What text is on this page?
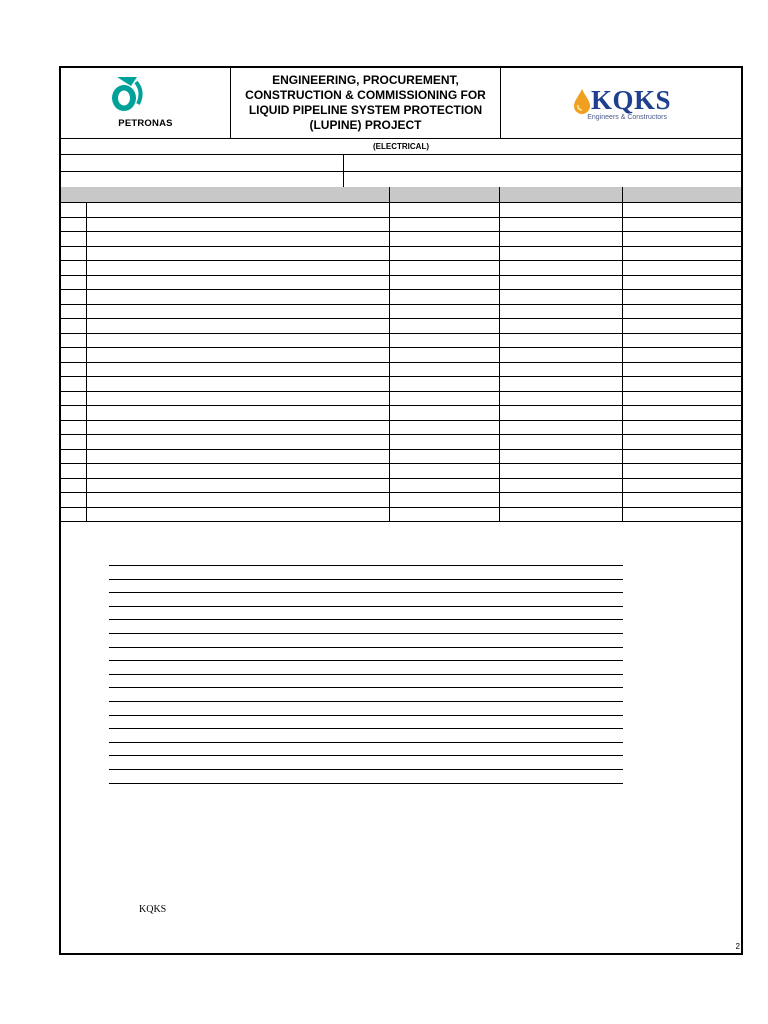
PETRONAS
ENGINEERING, PROCUREMENT,
CONSTRUCTION & COMMISSIONING FOR
LIQUID PIPELINE SYSTEM PROTECTION
(LUPINE) PROJECT
KQKS
Engineers & Constructors
(ELECTRICAL)
KQKS
2
